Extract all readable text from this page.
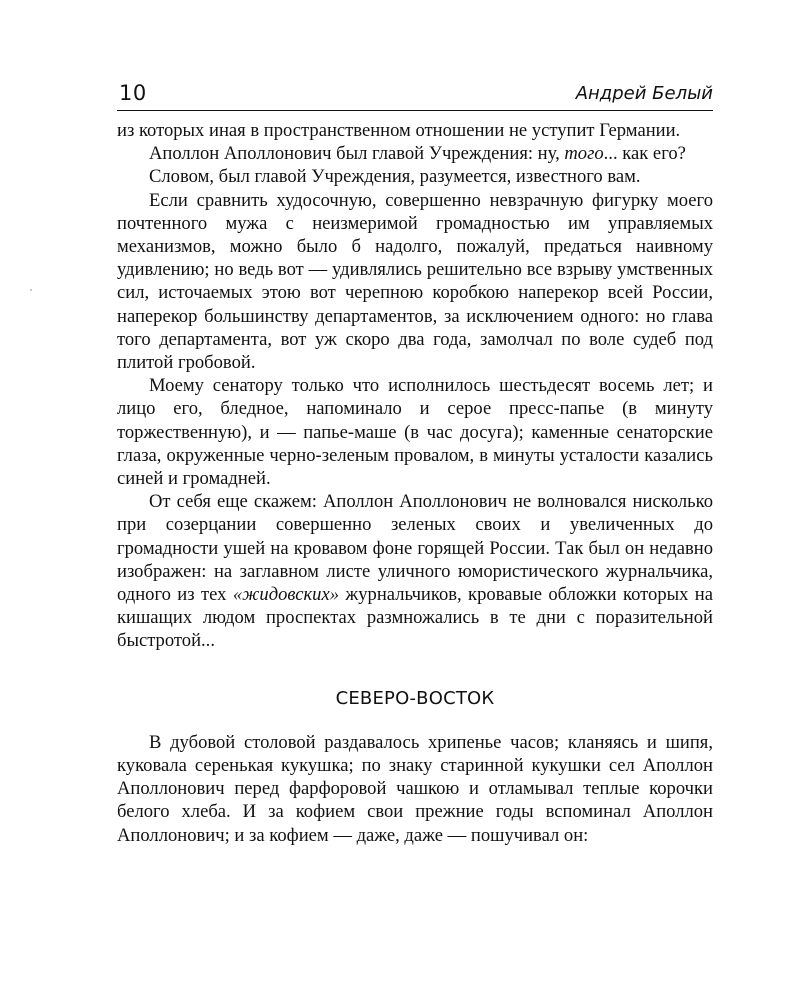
10	Андрей Белый

из которых иная в пространственном отношении не уступит Германии.

Аполлон Аполлонович был главой Учреждения: ну, того... как его?

Словом, был главой Учреждения, разумеется, известного вам.

Если сравнить худосочную, совершенно невзрачную фигурку моего почтенного мужа с неизмеримой громадностью им управляемых механизмов, можно было б надолго, пожалуй, предаться наивному удивлению; но ведь вот — удивлялись решительно все взрыву умственных сил, источаемых этою вот черепною коробкою наперекор всей России, наперекор большинству департаментов, за исключением одного: но глава того департамента, вот уж скоро два года, замолчал по воле судеб под плитой гробовой.

Моему сенатору только что исполнилось шестьдесят восемь лет; и лицо его, бледное, напоминало и серое пресс-папье (в минуту торжественную), и — папье-маше (в час досуга); каменные сенаторские глаза, окруженные черно-зеленым провалом, в минуты усталости казались синей и громадней.

От себя еще скажем: Аполлон Аполлонович не волновался нисколько при созерцании совершенно зеленых своих и увеличенных до громадности ушей на кровавом фоне горящей России. Так был он недавно изображен: на заглавном листе уличного юмористического журнальчика, одного из тех «жидовских» журнальчиков, кровавые обложки которых на кишащих людом проспектах размножались в те дни с поразительной быстротой...

СЕВЕРО-ВОСТОК

В дубовой столовой раздавалось хрипенье часов; кланяясь и шипя, куковала серенькая кукушка; по знаку старинной кукушки сел Аполлон Аполлонович перед фарфоровой чашкою и отламывал теплые корочки белого хлеба. И за кофием свои прежние годы вспоминал Аполлон Аполлонович; и за кофием — даже, даже — пошучивал он:
